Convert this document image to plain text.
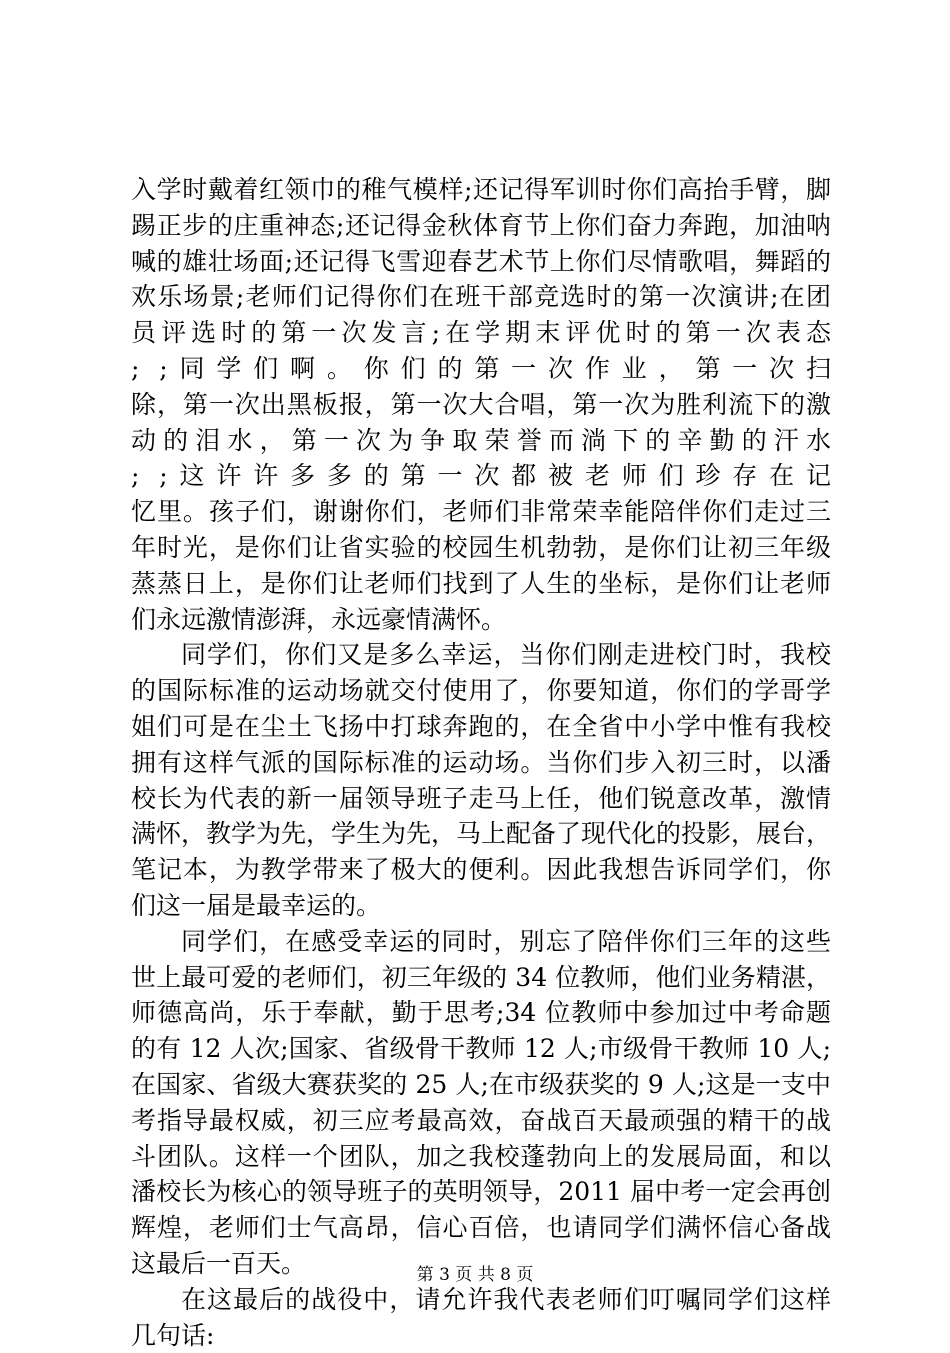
入学时戴着红领巾的稚气模样;还记得军训时你们高抬手臂，脚
踢正步的庄重神态;还记得金秋体育节上你们奋力奔跑，加油呐
喊的雄壮场面;还记得飞雪迎春艺术节上你们尽情歌唱，舞蹈的
欢乐场景;老师们记得你们在班干部竞选时的第一次演讲;在团
员评选时的第一次发言;在学期末评优时的第一次表态
; ;同学们啊。你们的第一次作业，第一次扫
除，第一次出黑板报，第一次大合唱，第一次为胜利流下的激
动的泪水，第一次为争取荣誉而淌下的辛勤的汗水
; ;这许许多多的第一次都被老师们珍存在记
忆里。孩子们，谢谢你们，老师们非常荣幸能陪伴你们走过三
年时光，是你们让省实验的校园生机勃勃，是你们让初三年级
蒸蒸日上，是你们让老师们找到了人生的坐标，是你们让老师
们永远激情澎湃，永远豪情满怀。
同学们，你们又是多么幸运，当你们刚走进校门时，我校
的国际标准的运动场就交付使用了，你要知道，你们的学哥学
姐们可是在尘土飞扬中打球奔跑的，在全省中小学中惟有我校
拥有这样气派的国际标准的运动场。当你们步入初三时，以潘
校长为代表的新一届领导班子走马上任，他们锐意改革，激情
满怀，教学为先，学生为先，马上配备了现代化的投影，展台，
笔记本，为教学带来了极大的便利。因此我想告诉同学们，你
们这一届是最幸运的。
同学们，在感受幸运的同时，别忘了陪伴你们三年的这些
世上最可爱的老师们，初三年级的 34 位教师，他们业务精湛，
师德高尚，乐于奉献，勤于思考;34 位教师中参加过中考命题
的有 12 人次;国家、省级骨干教师 12 人;市级骨干教师 10 人;
在国家、省级大赛获奖的 25 人;在市级获奖的 9 人;这是一支中
考指导最权威，初三应考最高效，奋战百天最顽强的精干的战
斗团队。这样一个团队，加之我校蓬勃向上的发展局面，和以
潘校长为核心的领导班子的英明领导，2011 届中考一定会再创
辉煌，老师们士气高昂，信心百倍，也请同学们满怀信心备战
这最后一百天。
在这最后的战役中，请允许我代表老师们叮嘱同学们这样
几句话:
第 3 页 共 8 页
